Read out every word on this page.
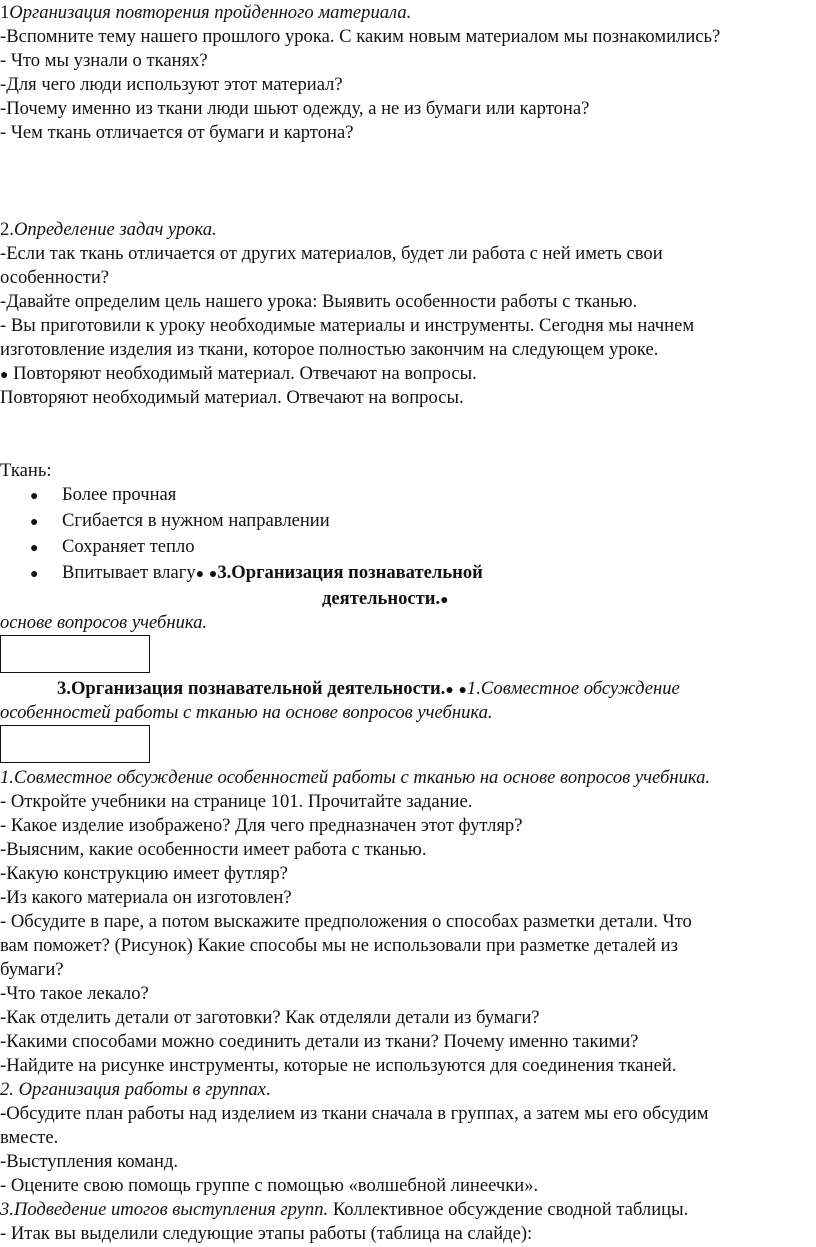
1Организация повторения пройденного материала.
-Вспомните тему нашего прошлого урока. С каким новым материалом мы познакомились?
- Что мы узнали о тканях?
-Для чего люди используют этот материал?
-Почему именно из ткани люди шьют одежду, а не из бумаги или картона?
- Чем ткань отличается от бумаги и картона?
2.Определение задач урока.
-Если так ткань отличается от других материалов, будет ли работа с ней иметь свои
особенности?
-Давайте определим цель нашего урока: Выявить особенности работы с тканью.
- Вы приготовили к уроку необходимые материалы и инструменты. Сегодня мы начнем
изготовление изделия из ткани, которое полностью закончим на следующем уроке.
● Повторяют необходимый материал. Отвечают на вопросы.
Повторяют необходимый материал. Отвечают на вопросы.
Ткань:
● Более прочная
● Сгибается в нужном направлении
● Сохраняет тепло
● Впитывает влагу● ●3.Организация познавательной
деятельности.●
основе вопросов учебника.
3.Организация познавательной деятельности.● ●1.Совместное обсуждение
особенностей работы с тканью на основе вопросов учебника.
1.Совместное обсуждение особенностей работы с тканью на основе вопросов учебника.
- Откройте учебники на странице 101. Прочитайте задание.
- Какое изделие изображено? Для чего предназначен этот футляр?
-Выясним, какие особенности имеет работа с тканью.
-Какую конструкцию имеет футляр?
-Из какого материала он изготовлен?
- Обсудите в паре, а потом выскажите предположения о способах разметки детали. Что
вам поможет? (Рисунок) Какие способы мы не использовали при разметке деталей из
бумаги?
-Что такое лекало?
-Как отделить детали от заготовки? Как отделяли детали из бумаги?
-Какими способами можно соединить детали из ткани? Почему именно такими?
-Найдите на рисунке инструменты, которые не используются для соединения тканей.
2. Организация работы в группах.
-Обсудите план работы над изделием из ткани сначала в группах, а затем мы его обсудим
вместе.
-Выступления команд.
- Оцените свою помощь группе с помощью «волшебной линеечки».
3.Подведение итогов выступления групп. Коллективное обсуждение сводной таблицы.
- Итак вы выделили следующие этапы работы (таблица на слайде):
